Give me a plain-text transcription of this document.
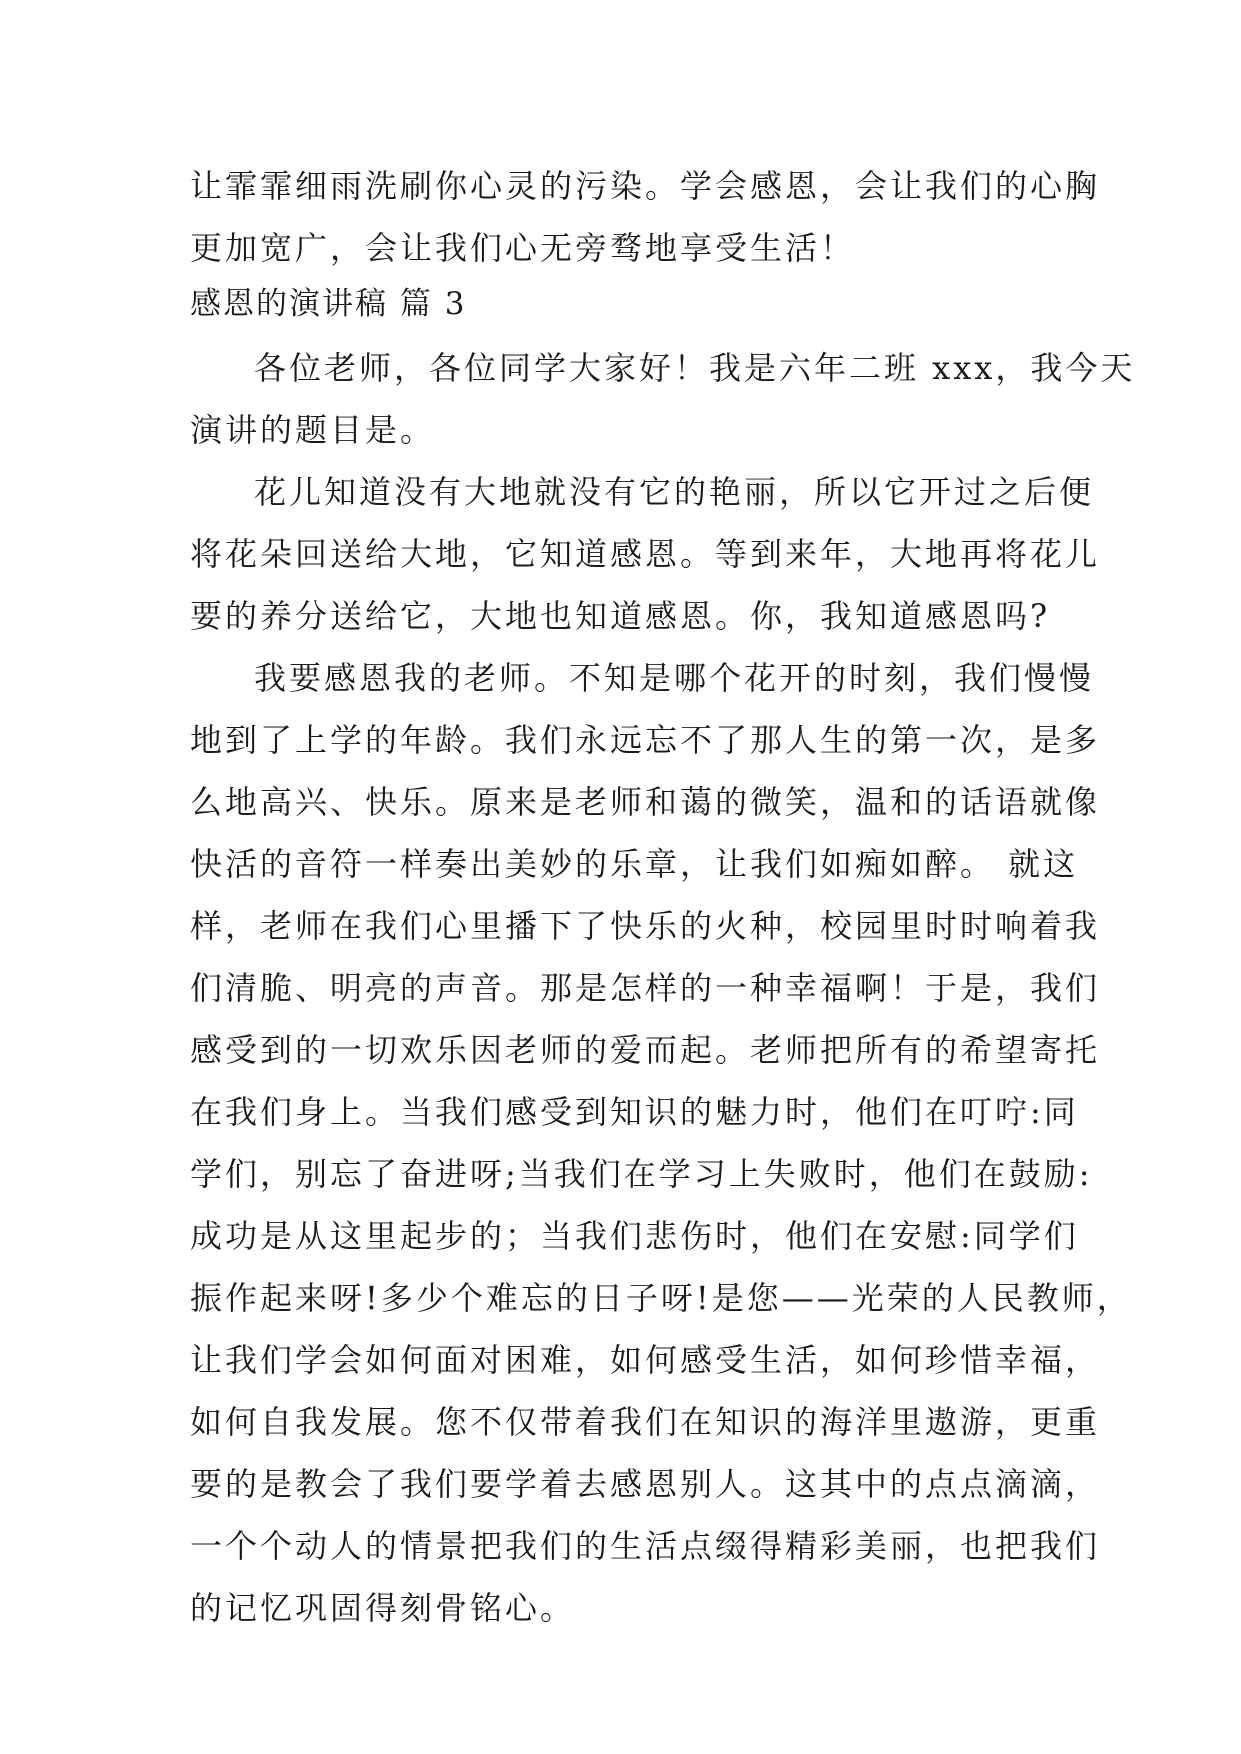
让霏霏细雨洗刷你心灵的污染。学会感恩，会让我们的心胸
更加宽广，会让我们心无旁骛地享受生活！
感恩的演讲稿 篇 3
各位老师，各位同学大家好！我是六年二班 xxx，我今天
演讲的题目是。
花儿知道没有大地就没有它的艳丽，所以它开过之后便
将花朵回送给大地，它知道感恩。等到来年，大地再将花儿
要的养分送给它，大地也知道感恩。你，我知道感恩吗?
我要感恩我的老师。不知是哪个花开的时刻，我们慢慢
地到了上学的年龄。我们永远忘不了那人生的第一次，是多
么地高兴、快乐。原来是老师和蔼的微笑，温和的话语就像
快活的音符一样奏出美妙的乐章，让我们如痴如醉。 就这
样，老师在我们心里播下了快乐的火种，校园里时时响着我
们清脆、明亮的声音。那是怎样的一种幸福啊！于是，我们
感受到的一切欢乐因老师的爱而起。老师把所有的希望寄托
在我们身上。当我们感受到知识的魅力时，他们在叮咛:同
学们，别忘了奋进呀;当我们在学习上失败时，他们在鼓励:
成功是从这里起步的；当我们悲伤时，他们在安慰:同学们
振作起来呀!多少个难忘的日子呀!是您——光荣的人民教师，
让我们学会如何面对困难，如何感受生活，如何珍惜幸福，
如何自我发展。您不仅带着我们在知识的海洋里遨游，更重
要的是教会了我们要学着去感恩别人。这其中的点点滴滴，
一个个动人的情景把我们的生活点缀得精彩美丽，也把我们
的记忆巩固得刻骨铭心。
